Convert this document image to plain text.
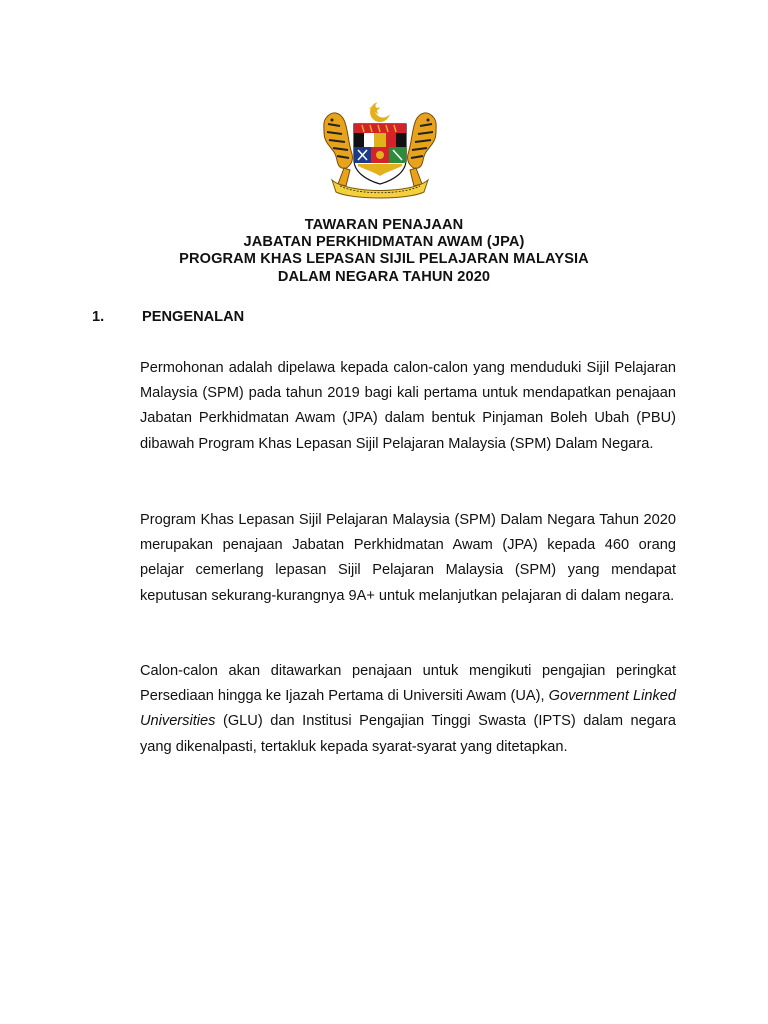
TAWARAN PENAJAAN
JABATAN PERKHIDMATAN AWAM (JPA)
PROGRAM KHAS LEPASAN SIJIL PELAJARAN MALAYSIA
DALAM NEGARA TAHUN 2020
1.	PENGENALAN

Permohonan adalah dipelawa kepada calon-calon yang menduduki Sijil Pelajaran Malaysia (SPM) pada tahun 2019 bagi kali pertama untuk mendapatkan penajaan Jabatan Perkhidmatan Awam (JPA) dalam bentuk Pinjaman Boleh Ubah (PBU) dibawah Program Khas Lepasan Sijil Pelajaran Malaysia (SPM) Dalam Negara.

Program Khas Lepasan Sijil Pelajaran Malaysia (SPM) Dalam Negara Tahun 2020 merupakan penajaan Jabatan Perkhidmatan Awam (JPA) kepada 460 orang pelajar cemerlang lepasan Sijil Pelajaran Malaysia (SPM) yang mendapat keputusan sekurang-kurangnya 9A+ untuk melanjutkan pelajaran di dalam negara.

Calon-calon akan ditawarkan penajaan untuk mengikuti pengajian peringkat Persediaan hingga ke Ijazah Pertama di Universiti Awam (UA), Government Linked Universities (GLU) dan Institusi Pengajian Tinggi Swasta (IPTS) dalam negara yang dikenalpasti, tertakluk kepada syarat-syarat yang ditetapkan.
